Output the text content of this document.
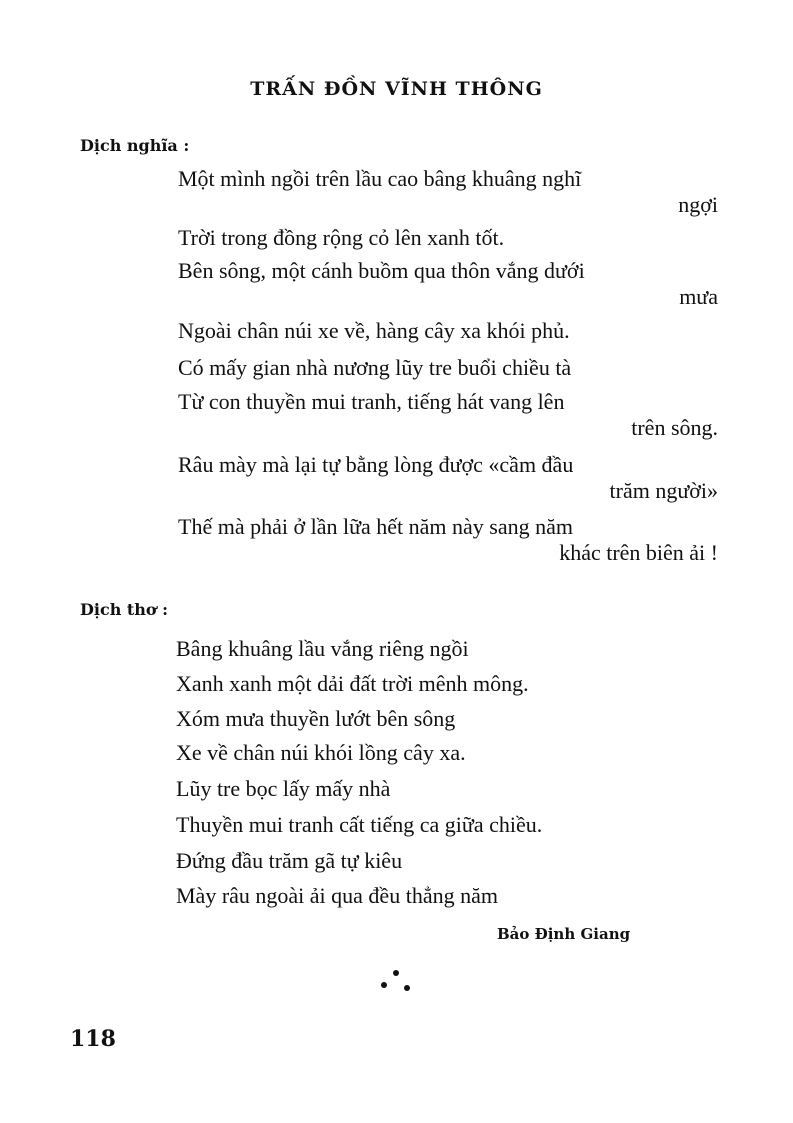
TRẤN ĐỒN VĨNH THÔNG
Dịch nghĩa :
Một mình ngồi trên lầu cao bâng khuâng nghĩ
ngợi
Trời trong đồng rộng cỏ lên xanh tốt.
Bên sông, một cánh buồm qua thôn vắng dưới
mưa
Ngoài chân núi xe về, hàng cây xa khói phủ.
Có mấy gian nhà nương lũy tre buổi chiều tà
Từ con thuyền mui tranh, tiếng hát vang lên
trên sông.
Râu mày mà lại tự bằng lòng được «cầm đầu
trăm người»
Thế mà phải ở lần lữa hết năm này sang năm
khác trên biên ải !
Dịch thơ :
Bâng khuâng lầu vắng riêng ngồi
Xanh xanh một dải đất trời mênh mông.
Xóm mưa thuyền lướt bên sông
Xe về chân núi khói lồng cây xa.
Lũy tre bọc lấy mấy nhà
Thuyền mui tranh cất tiếng ca giữa chiều.
Đứng đầu trăm gã tự kiêu
Mày râu ngoài ải qua đều thẳng năm
Bảo Định Giang
118
